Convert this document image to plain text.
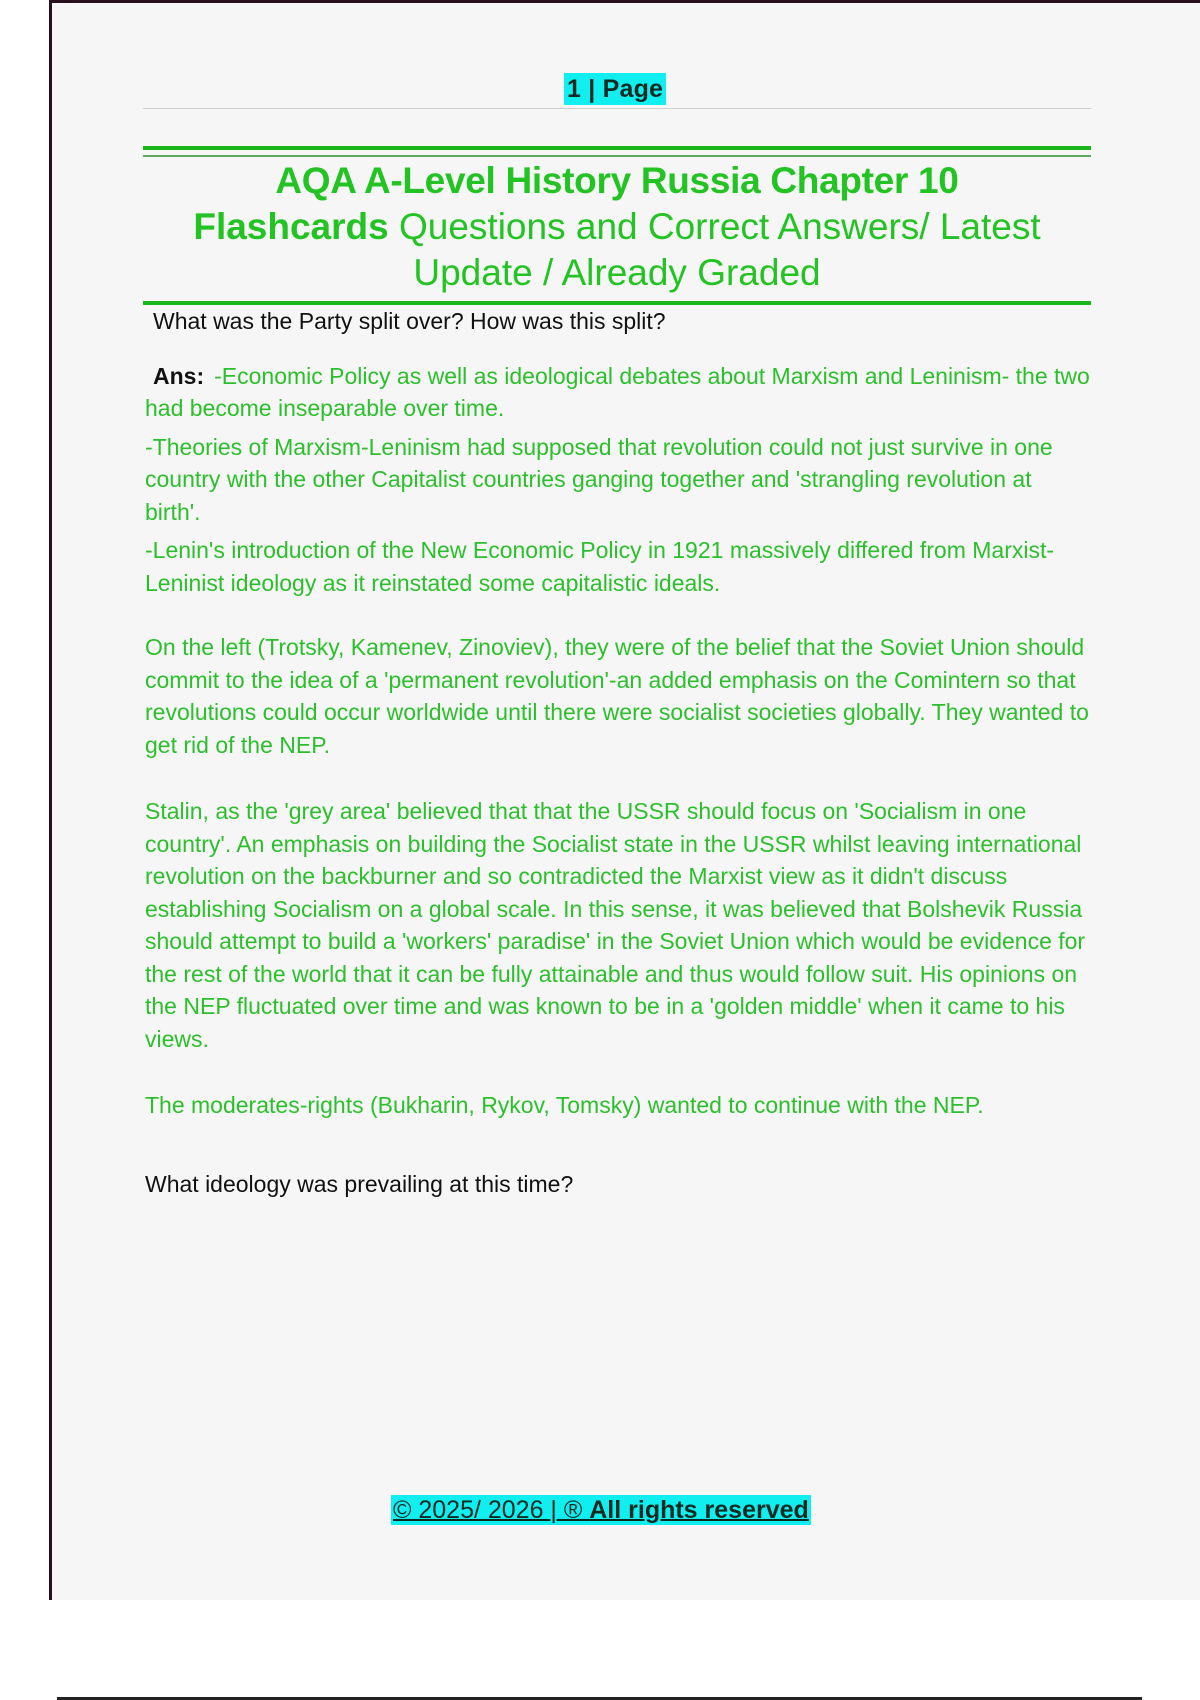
1 | Page
AQA A-Level History Russia Chapter 10
Flashcards Questions and Correct Answers/ Latest
Update / Already Graded
What was the Party split over? How was this split?
Ans: -Economic Policy as well as ideological debates about Marxism and Leninism- the two had become inseparable over time.
-Theories of Marxism-Leninism had supposed that revolution could not just survive in one country with the other Capitalist countries ganging together and 'strangling revolution at birth'.
-Lenin's introduction of the New Economic Policy in 1921 massively differed from Marxist-Leninist ideology as it reinstated some capitalistic ideals.
On the left (Trotsky, Kamenev, Zinoviev), they were of the belief that the Soviet Union should commit to the idea of a 'permanent revolution'-an added emphasis on the Comintern so that revolutions could occur worldwide until there were socialist societies globally. They wanted to get rid of the NEP.
Stalin, as the 'grey area' believed that that the USSR should focus on 'Socialism in one country'. An emphasis on building the Socialist state in the USSR whilst leaving international revolution on the backburner and so contradicted the Marxist view as it didn't discuss establishing Socialism on a global scale. In this sense, it was believed that Bolshevik Russia should attempt to build a 'workers' paradise' in the Soviet Union which would be evidence for the rest of the world that it can be fully attainable and thus would follow suit. His opinions on the NEP fluctuated over time and was known to be in a 'golden middle' when it came to his views.
The moderates-rights (Bukharin, Rykov, Tomsky) wanted to continue with the NEP.
What ideology was prevailing at this time?
© 2025/ 2026 | ® All rights reserved
